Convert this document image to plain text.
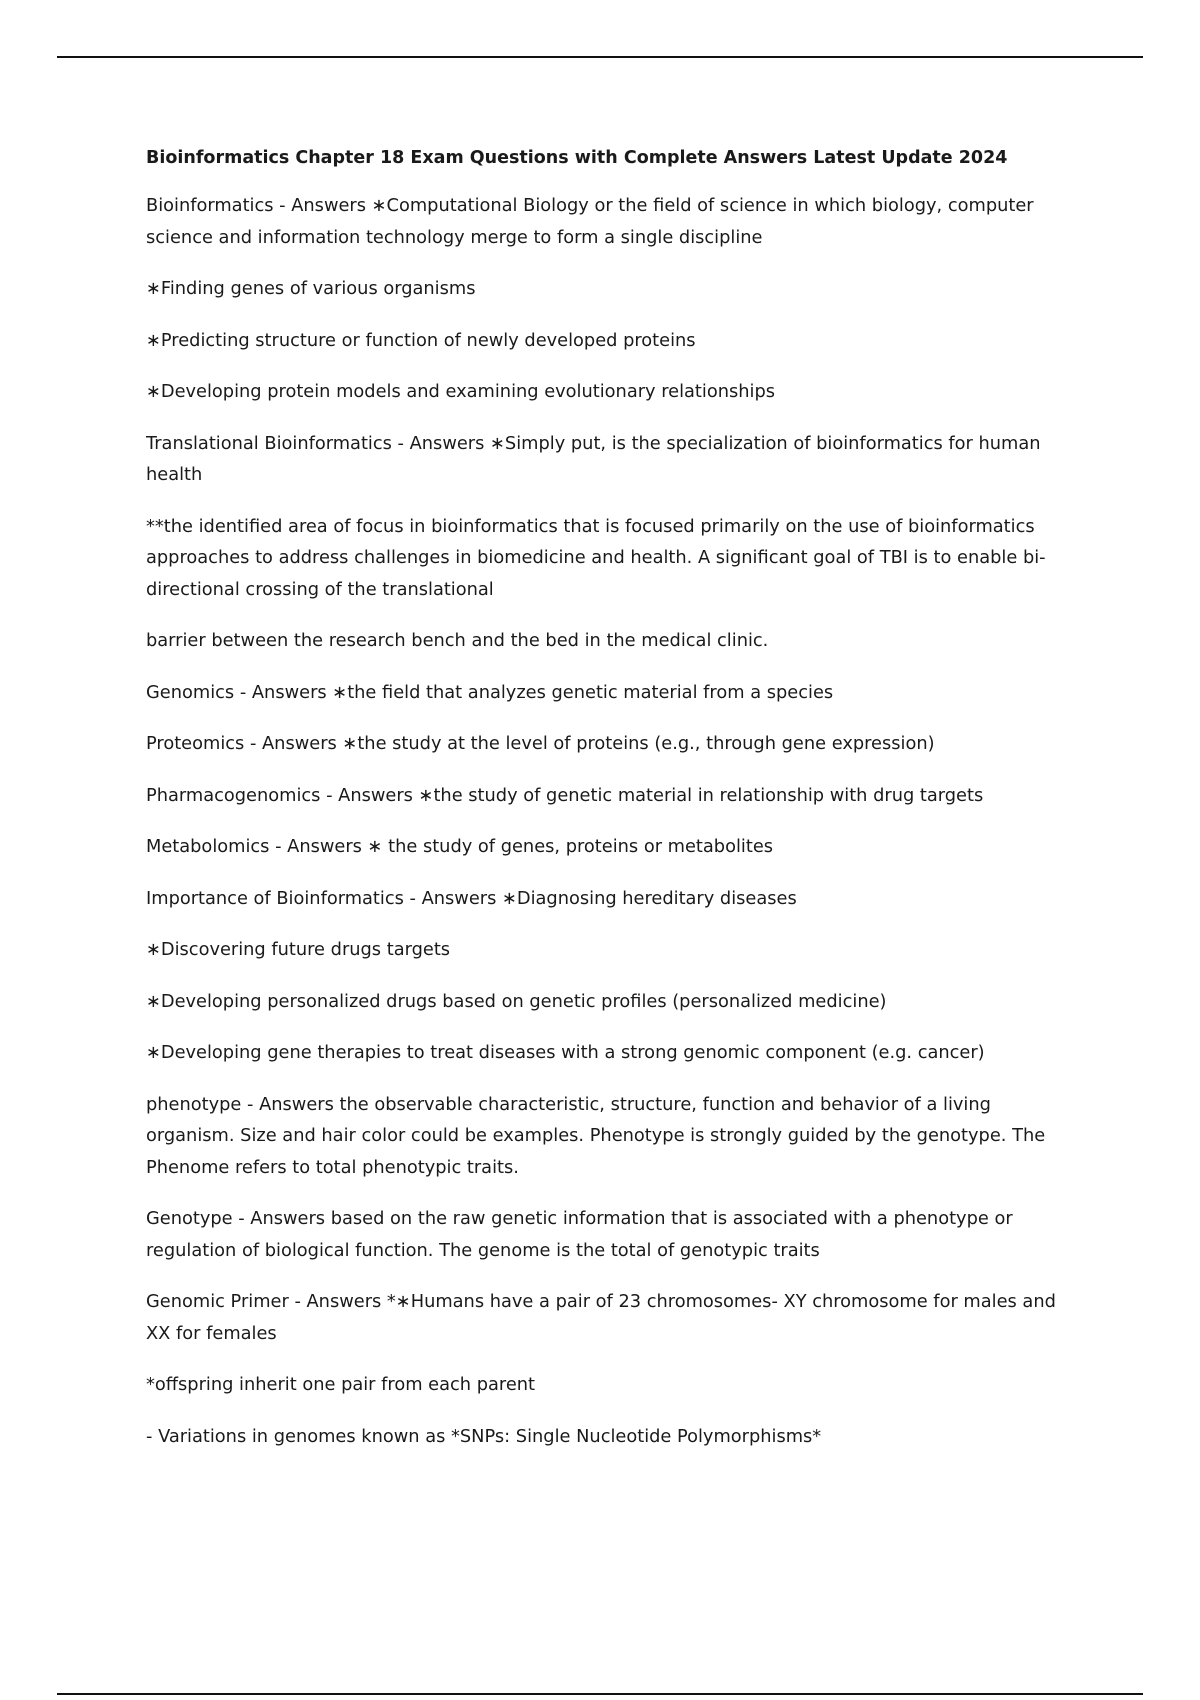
Bioinformatics Chapter 18 Exam Questions with Complete Answers Latest Update 2024

Bioinformatics - Answers ∗Computational Biology or the field of science in which biology, computer science and information technology merge to form a single discipline

∗Finding genes of various organisms

∗Predicting structure or function of newly developed proteins

∗Developing protein models and examining evolutionary relationships

Translational Bioinformatics - Answers ∗Simply put, is the specialization of bioinformatics for human health

**the identified area of focus in bioinformatics that is focused primarily on the use of bioinformatics approaches to address challenges in biomedicine and health. A significant goal of TBI is to enable bi-directional crossing of the translational

barrier between the research bench and the bed in the medical clinic.

Genomics - Answers ∗the field that analyzes genetic material from a species

Proteomics - Answers ∗the study at the level of proteins (e.g., through gene expression)

Pharmacogenomics - Answers ∗the study of genetic material in relationship with drug targets

Metabolomics - Answers ∗ the study of genes, proteins or metabolites

Importance of Bioinformatics - Answers ∗Diagnosing hereditary diseases

∗Discovering future drugs targets

∗Developing personalized drugs based on genetic profiles (personalized medicine)

∗Developing gene therapies to treat diseases with a strong genomic component (e.g. cancer)

phenotype - Answers the observable characteristic, structure, function and behavior of a living organism. Size and hair color could be examples. Phenotype is strongly guided by the genotype. The Phenome refers to total phenotypic traits.

Genotype - Answers based on the raw genetic information that is associated with a phenotype or regulation of biological function. The genome is the total of genotypic traits

Genomic Primer - Answers *∗Humans have a pair of 23 chromosomes- XY chromosome for males and XX for females

*offspring inherit one pair from each parent

- Variations in genomes known as *SNPs: Single Nucleotide Polymorphisms*
